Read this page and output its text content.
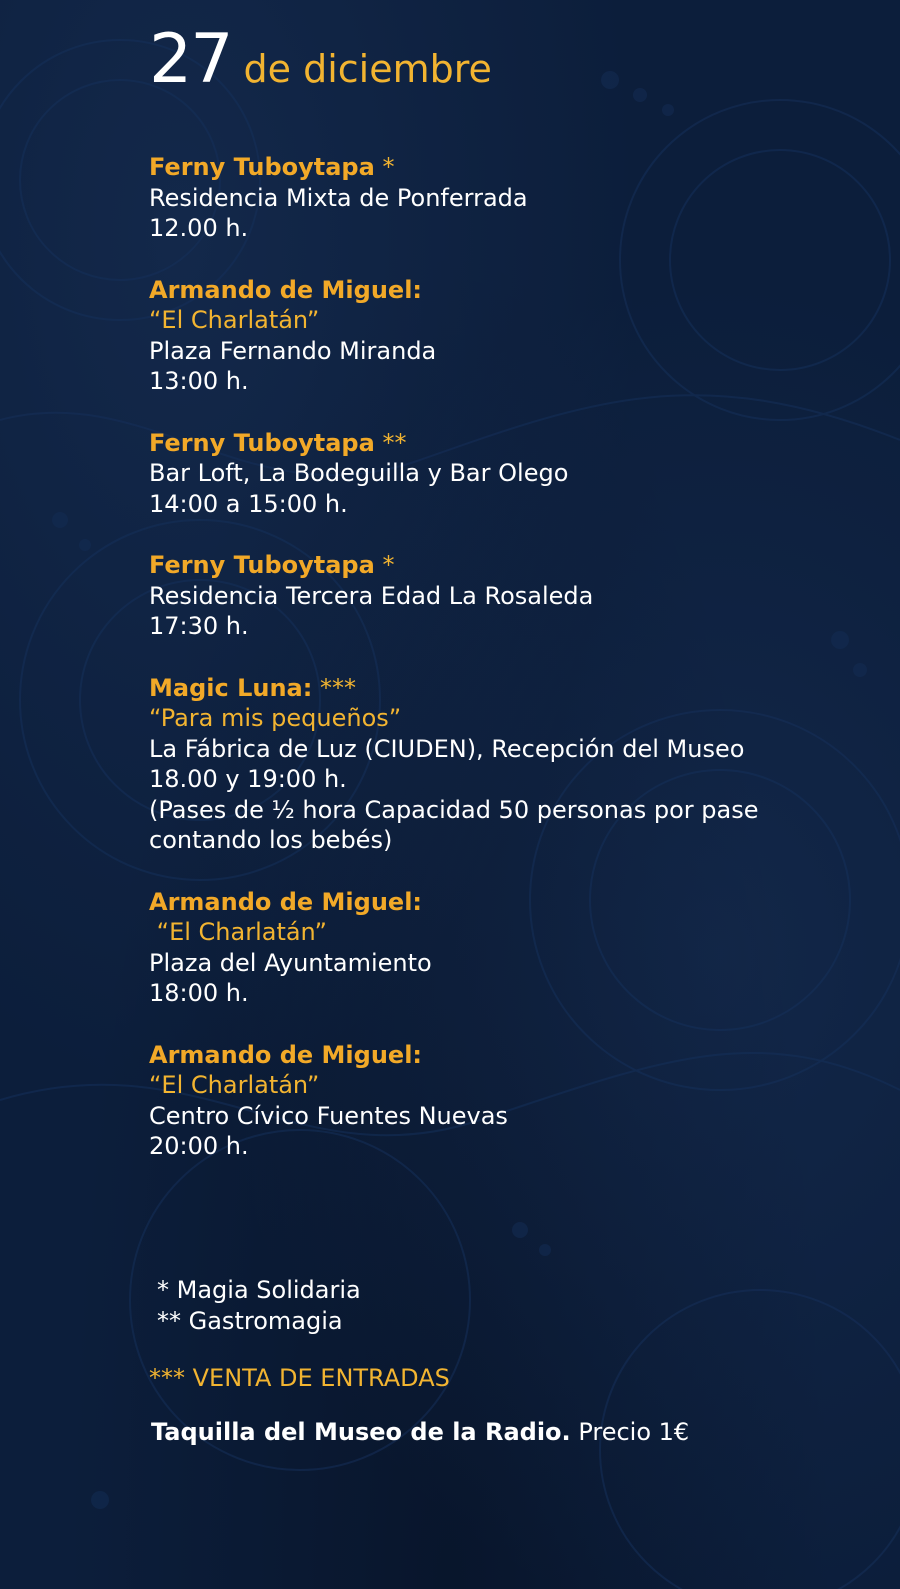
27 de diciembre
Ferny Tuboytapa *
Residencia Mixta de Ponferrada
12.00 h.
Armando de Miguel:
“El Charlatán”
Plaza Fernando Miranda
13:00 h.
Ferny Tuboytapa **
Bar Loft, La Bodeguilla y Bar Olego
14:00 a 15:00 h.
Ferny Tuboytapa *
Residencia Tercera Edad La Rosaleda
17:30 h.
Magic Luna: ***
“Para mis pequeños”
La Fábrica de Luz (CIUDEN), Recepción del Museo
18.00 y 19:00 h.
(Pases de ½ hora Capacidad 50 personas por pase
contando los bebés)
Armando de Miguel:
“El Charlatán”
Plaza del Ayuntamiento
18:00 h.
Armando de Miguel:
“El Charlatán”
Centro Cívico Fuentes Nuevas
20:00 h.
* Magia Solidaria
** Gastromagia
*** VENTA DE ENTRADAS
Taquilla del Museo de la Radio. Precio 1€
